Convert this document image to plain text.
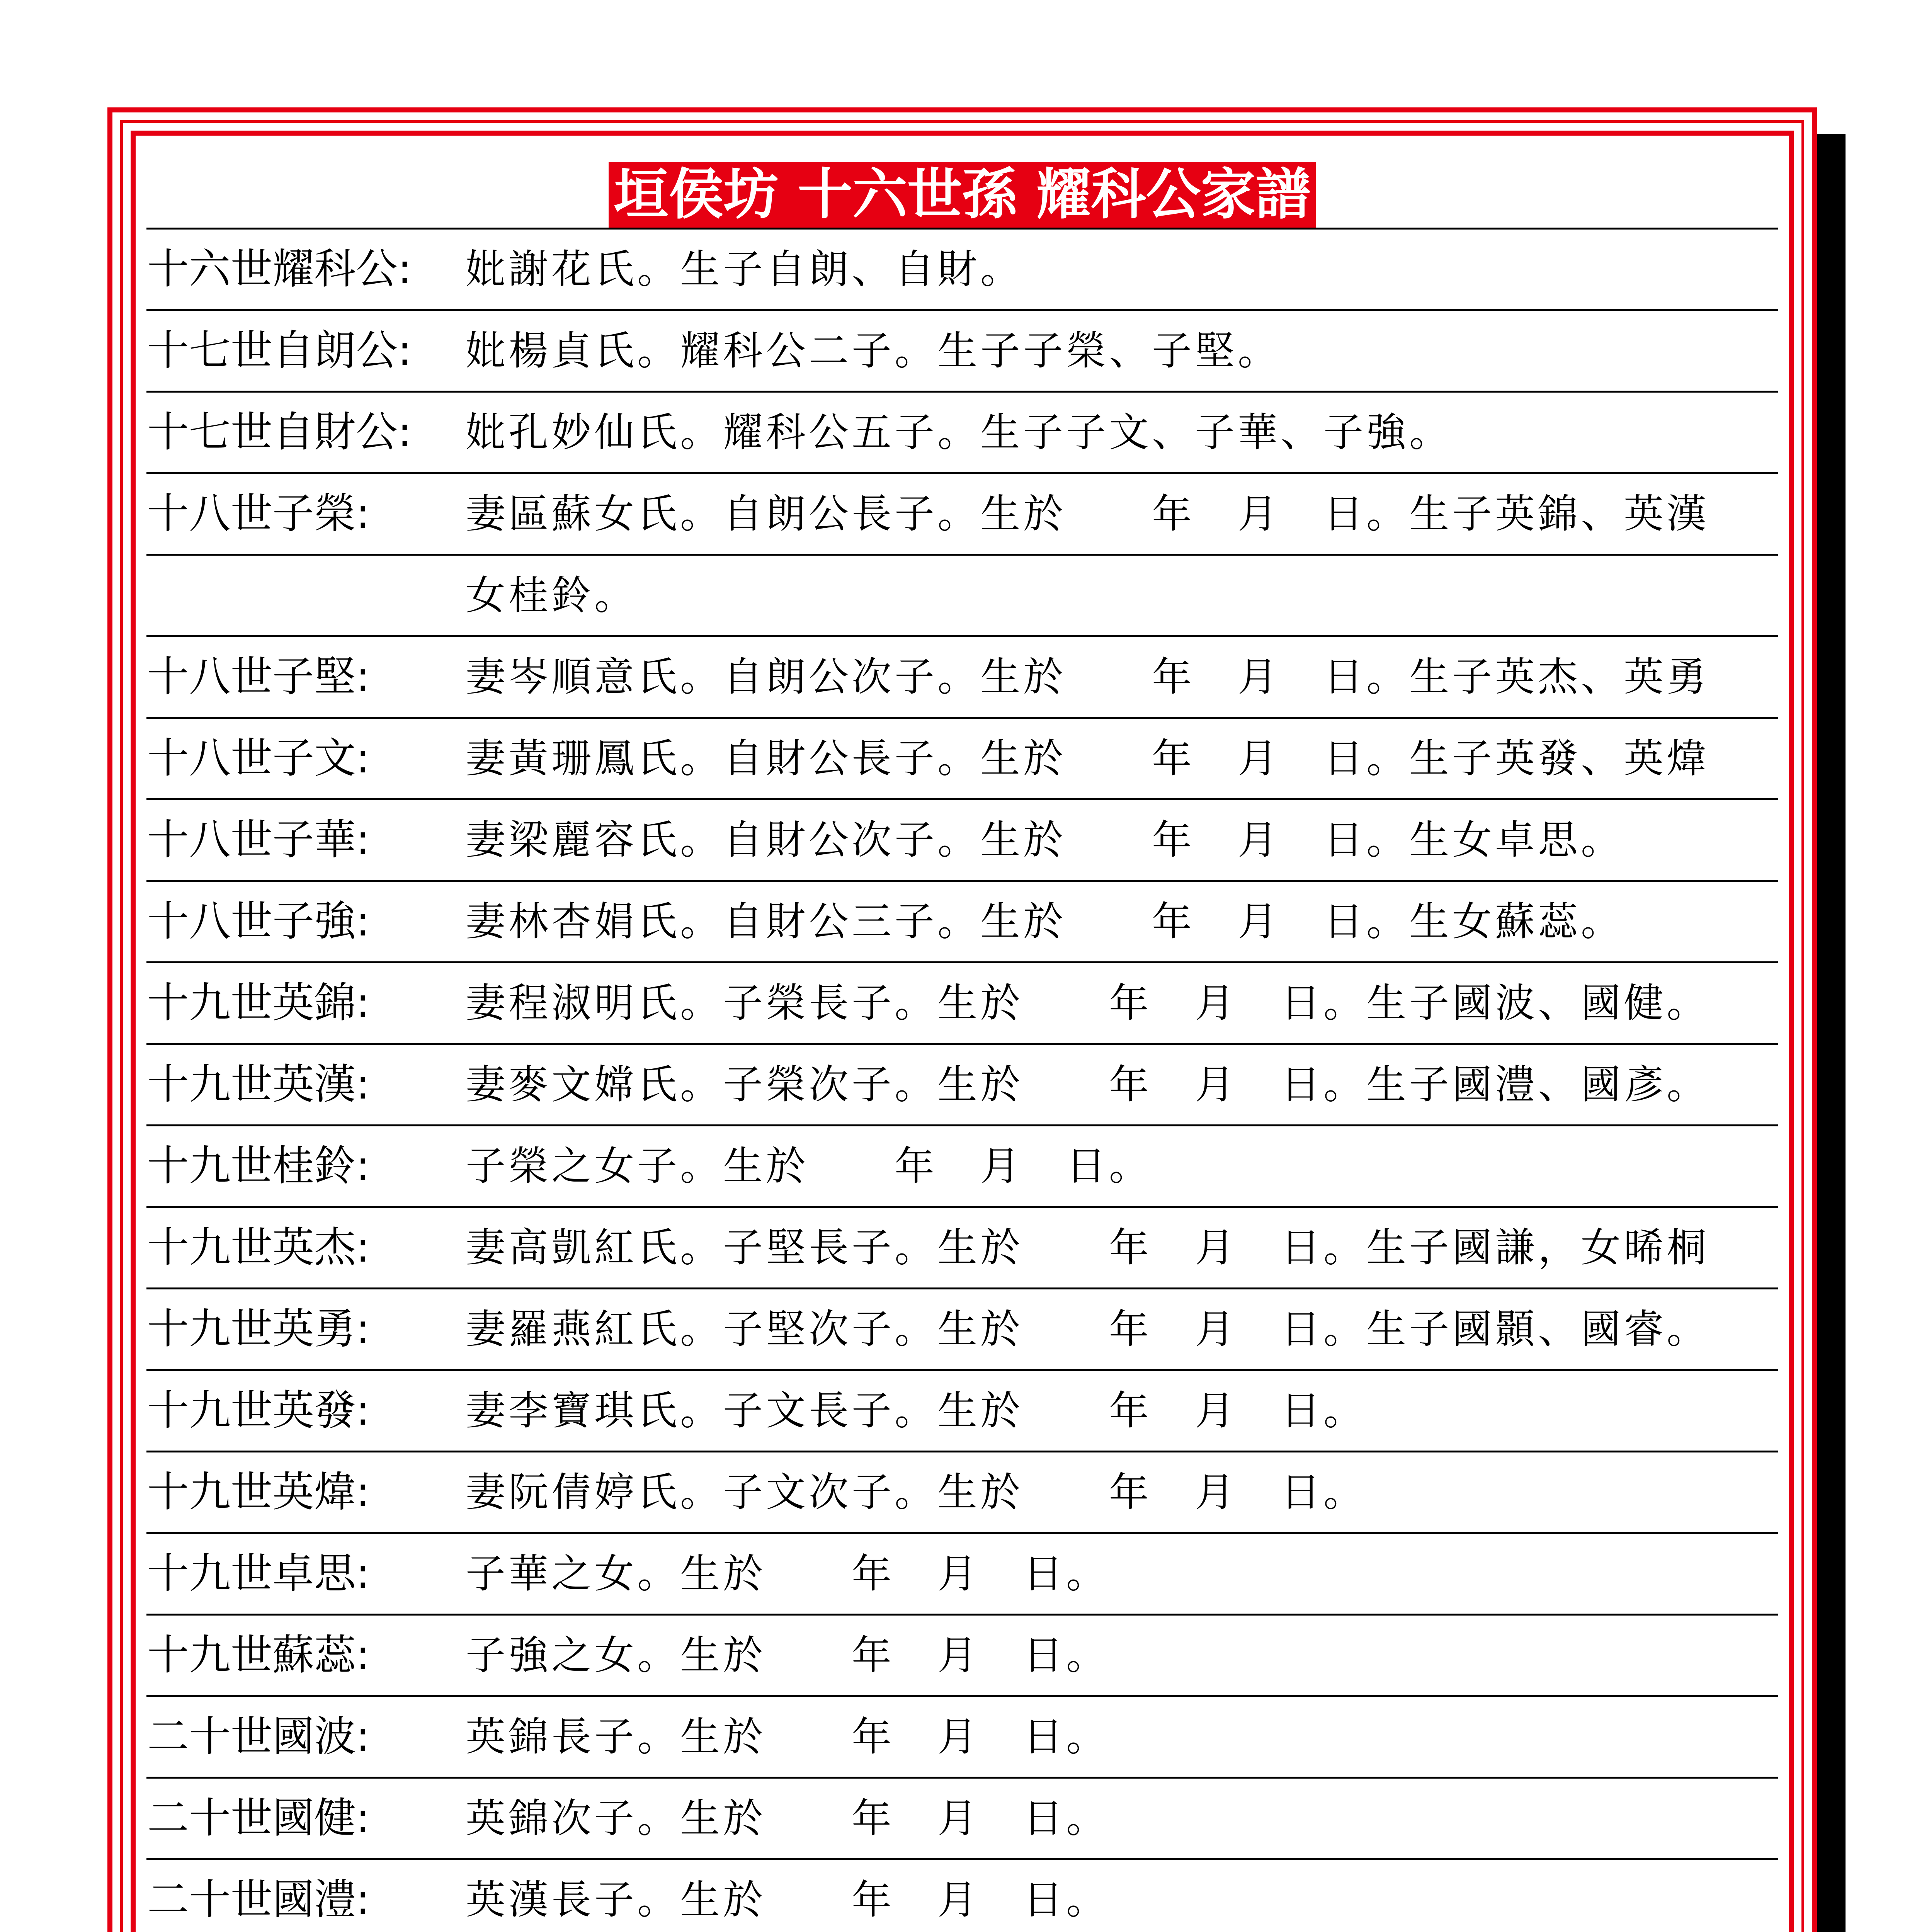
垣侯坊 十六世孫 耀科公家譜
十六世耀科公: 妣謝花氏。生子自朗、自財。
十七世自朗公: 妣楊貞氏。耀科公二子。生子子榮、子堅。
十七世自財公: 妣孔妙仙氏。耀科公五子。生子子文、子華、子強。
十八世子榮: 妻區蘇女氏。自朗公長子。生於　　年　月　日。生子英錦、英漢
女桂鈴。
十八世子堅: 妻岑順意氏。自朗公次子。生於　　年　月　日。生子英杰、英勇
十八世子文: 妻黃珊鳳氏。自財公長子。生於　　年　月　日。生子英發、英煒
十八世子華: 妻梁麗容氏。自財公次子。生於　　年　月　日。生女卓思。
十八世子強: 妻林杏娟氏。自財公三子。生於　　年　月　日。生女蘇蕊。
十九世英錦: 妻程淑明氏。子榮長子。生於　　年　月　日。生子國波、國健。
十九世英漢: 妻麥文嫦氏。子榮次子。生於　　年　月　日。生子國澧、國彥。
十九世桂鈴: 子榮之女子。生於　　年　月　日。
十九世英杰: 妻高凱紅氏。子堅長子。生於　　年　月　日。生子國謙，女晞桐
十九世英勇: 妻羅燕紅氏。子堅次子。生於　　年　月　日。生子國顥、國睿。
十九世英發: 妻李寶琪氏。子文長子。生於　　年　月　日。
十九世英煒: 妻阮倩婷氏。子文次子。生於　　年　月　日。
十九世卓思: 子華之女。生於　　年　月　日。
十九世蘇蕊: 子強之女。生於　　年　月　日。
二十世國波: 英錦長子。生於　　年　月　日。
二十世國健: 英錦次子。生於　　年　月　日。
二十世國澧: 英漢長子。生於　　年　月　日。
